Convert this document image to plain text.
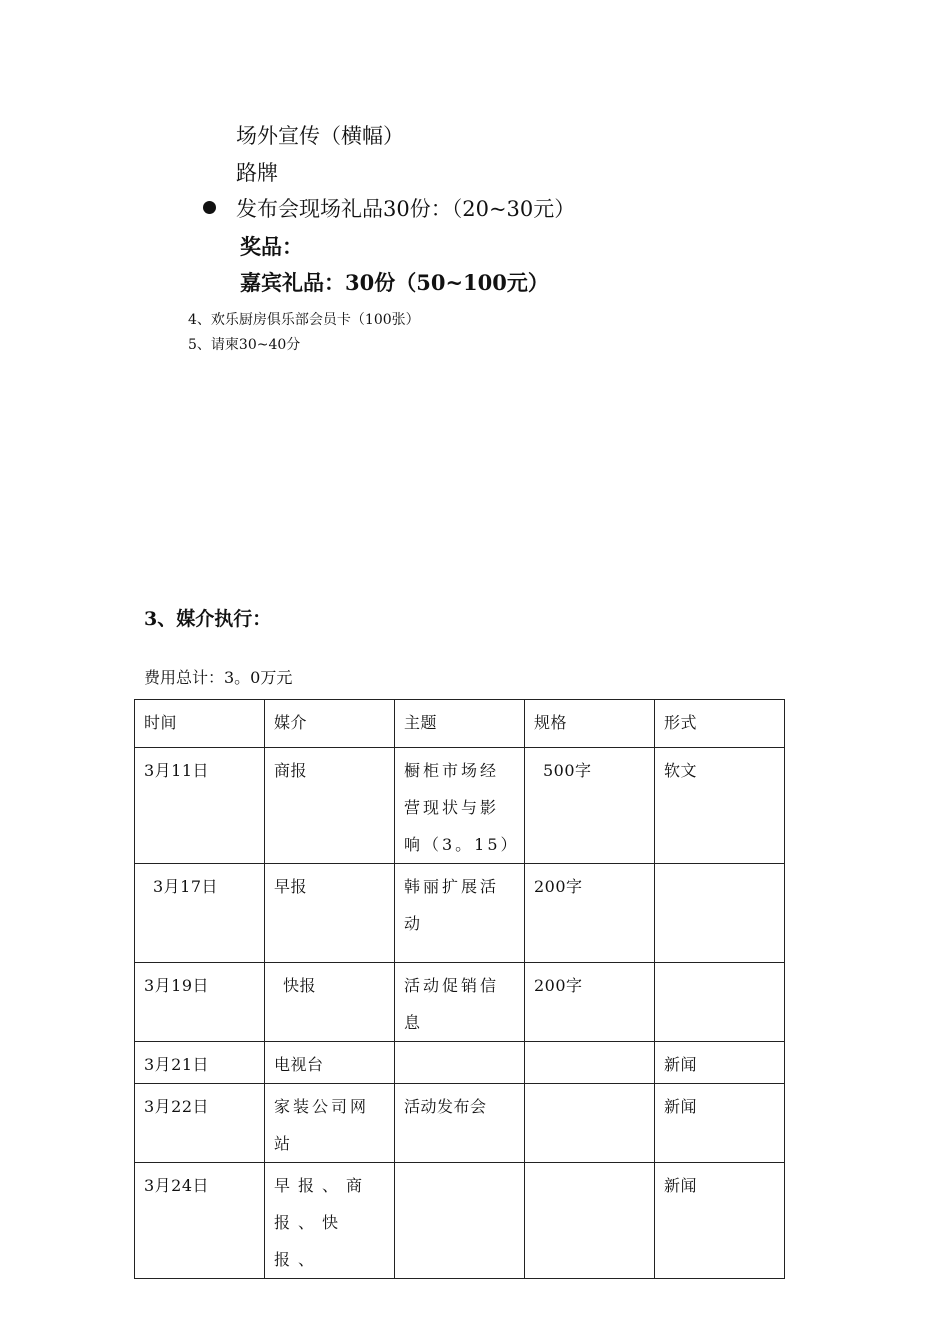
场外宣传（横幅）
路牌
发布会现场礼品30份：（20~30元）
奖品：
嘉宾礼品：30份（50~100元）
4、欢乐厨房俱乐部会员卡（100张）
5、请柬30~40分
3、媒介执行：
费用总计：3。0万元
时间	媒介	主题	规格	形式
3月11日	商报	橱柜市场经营现状与影响（3。15）	500字	软文
3月17日	早报	韩丽扩展活动	200字	
3月19日	快报	活动促销信息	200字	
3月21日	电视台			新闻
3月22日	家装公司网站	活动发布会		新闻
3月24日	早报、商报、快报、			新闻
